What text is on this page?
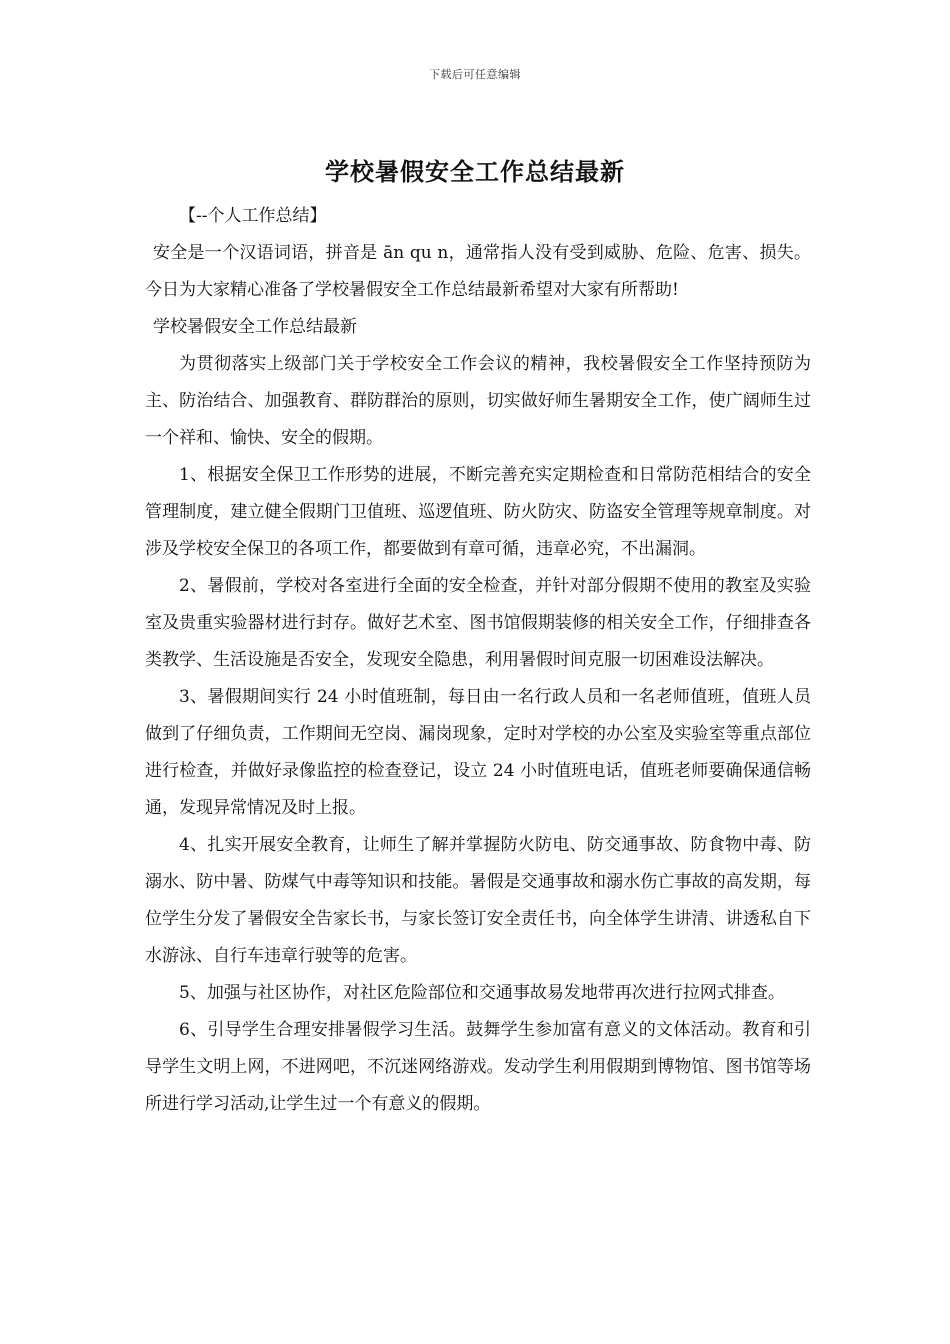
下载后可任意编辑
学校暑假安全工作总结最新

【--个人工作总结】

安全是一个汉语词语，拼音是 ān qu n，通常指人没有受到威胁、危险、危害、损失。今日为大家精心准备了学校暑假安全工作总结最新希望对大家有所帮助!

学校暑假安全工作总结最新

为贯彻落实上级部门关于学校安全工作会议的精神，我校暑假安全工作坚持预防为主、防治结合、加强教育、群防群治的原则，切实做好师生暑期安全工作，使广阔师生过一个祥和、愉快、安全的假期。

1、根据安全保卫工作形势的进展，不断完善充实定期检查和日常防范相结合的安全管理制度，建立健全假期门卫值班、巡逻值班、防火防灾、防盗安全管理等规章制度。对涉及学校安全保卫的各项工作，都要做到有章可循，违章必究，不出漏洞。

2、暑假前，学校对各室进行全面的安全检查，并针对部分假期不使用的教室及实验室及贵重实验器材进行封存。做好艺术室、图书馆假期装修的相关安全工作，仔细排查各类教学、生活设施是否安全，发现安全隐患，利用暑假时间克服一切困难设法解决。

3、暑假期间实行 24 小时值班制，每日由一名行政人员和一名老师值班，值班人员做到了仔细负责，工作期间无空岗、漏岗现象，定时对学校的办公室及实验室等重点部位进行检查，并做好录像监控的检查登记，设立 24 小时值班电话，值班老师要确保通信畅通，发现异常情况及时上报。

4、扎实开展安全教育，让师生了解并掌握防火防电、防交通事故、防食物中毒、防溺水、防中暑、防煤气中毒等知识和技能。暑假是交通事故和溺水伤亡事故的高发期，每位学生分发了暑假安全告家长书，与家长签订安全责任书，向全体学生讲清、讲透私自下水游泳、自行车违章行驶等的危害。

5、加强与社区协作，对社区危险部位和交通事故易发地带再次进行拉网式排查。

6、引导学生合理安排暑假学习生活。鼓舞学生参加富有意义的文体活动。教育和引导学生文明上网，不进网吧，不沉迷网络游戏。发动学生利用假期到博物馆、图书馆等场所进行学习活动,让学生过一个有意义的假期。
